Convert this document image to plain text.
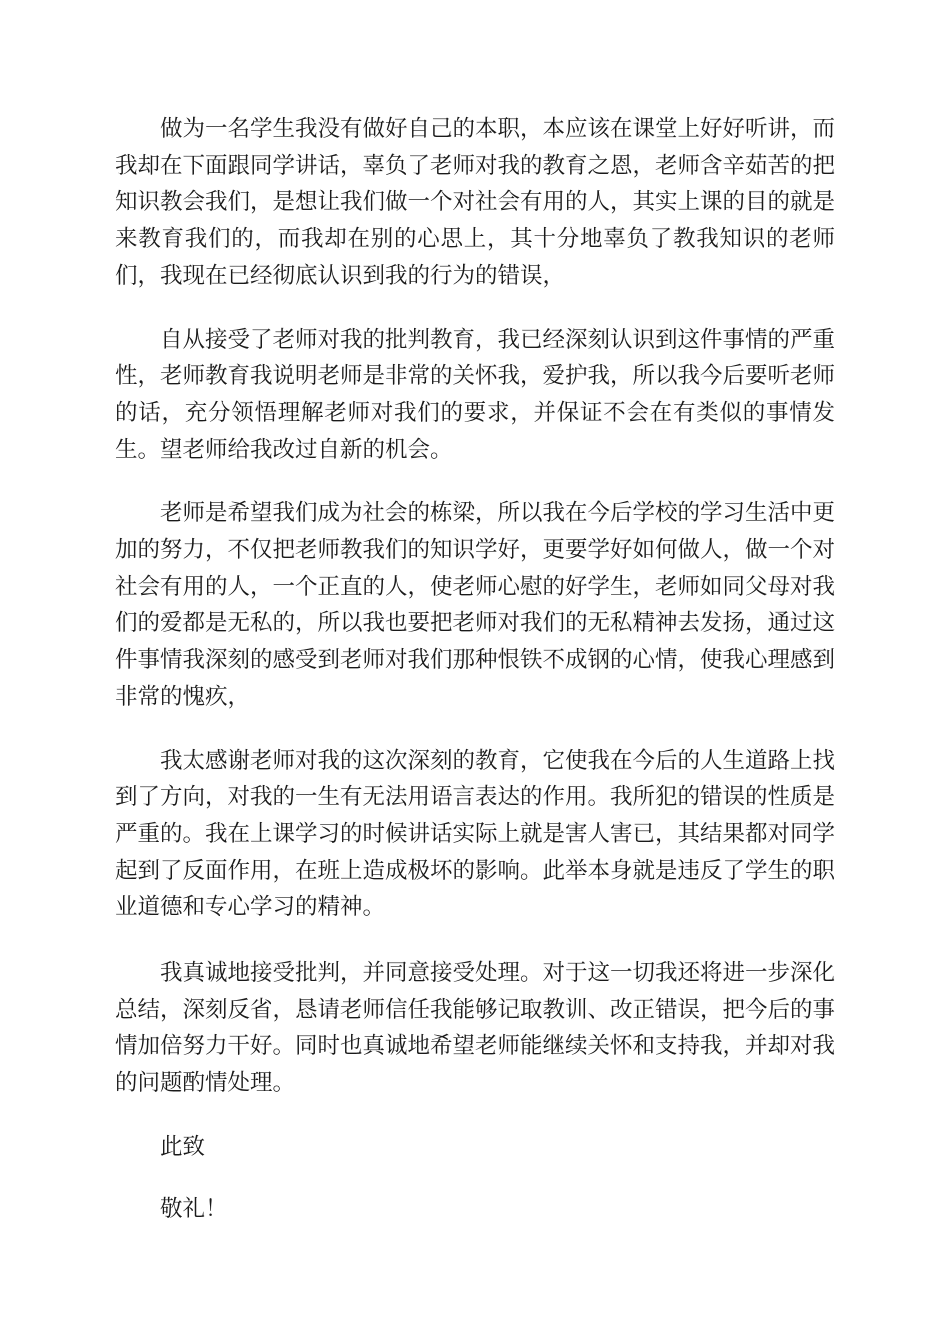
做为一名学生我没有做好自己的本职，本应该在课堂上好好听讲，而我却在下面跟同学讲话，辜负了老师对我的教育之恩，老师含辛茹苦的把知识教会我们，是想让我们做一个对社会有用的人，其实上课的目的就是来教育我们的，而我却在别的心思上，其十分地辜负了教我知识的老师们，我现在已经彻底认识到我的行为的错误，

自从接受了老师对我的批判教育，我已经深刻认识到这件事情的严重性，老师教育我说明老师是非常的关怀我，爱护我，所以我今后要听老师的话，充分领悟理解老师对我们的要求，并保证不会在有类似的事情发生。望老师给我改过自新的机会。

老师是希望我们成为社会的栋梁，所以我在今后学校的学习生活中更加的努力，不仅把老师教我们的知识学好，更要学好如何做人，做一个对社会有用的人，一个正直的人，使老师心慰的好学生，老师如同父母对我们的爱都是无私的，所以我也要把老师对我们的无私精神去发扬，通过这件事情我深刻的感受到老师对我们那种恨铁不成钢的心情，使我心理感到非常的愧疚，

我太感谢老师对我的这次深刻的教育，它使我在今后的人生道路上找到了方向，对我的一生有无法用语言表达的作用。我所犯的错误的性质是严重的。我在上课学习的时候讲话实际上就是害人害已，其结果都对同学起到了反面作用，在班上造成极坏的影响。此举本身就是违反了学生的职业道德和专心学习的精神。

我真诚地接受批判，并同意接受处理。对于这一切我还将进一步深化总结，深刻反省，恳请老师信任我能够记取教训、改正错误，把今后的事情加倍努力干好。同时也真诚地希望老师能继续关怀和支持我，并却对我的问题酌情处理。

此致

敬礼！
